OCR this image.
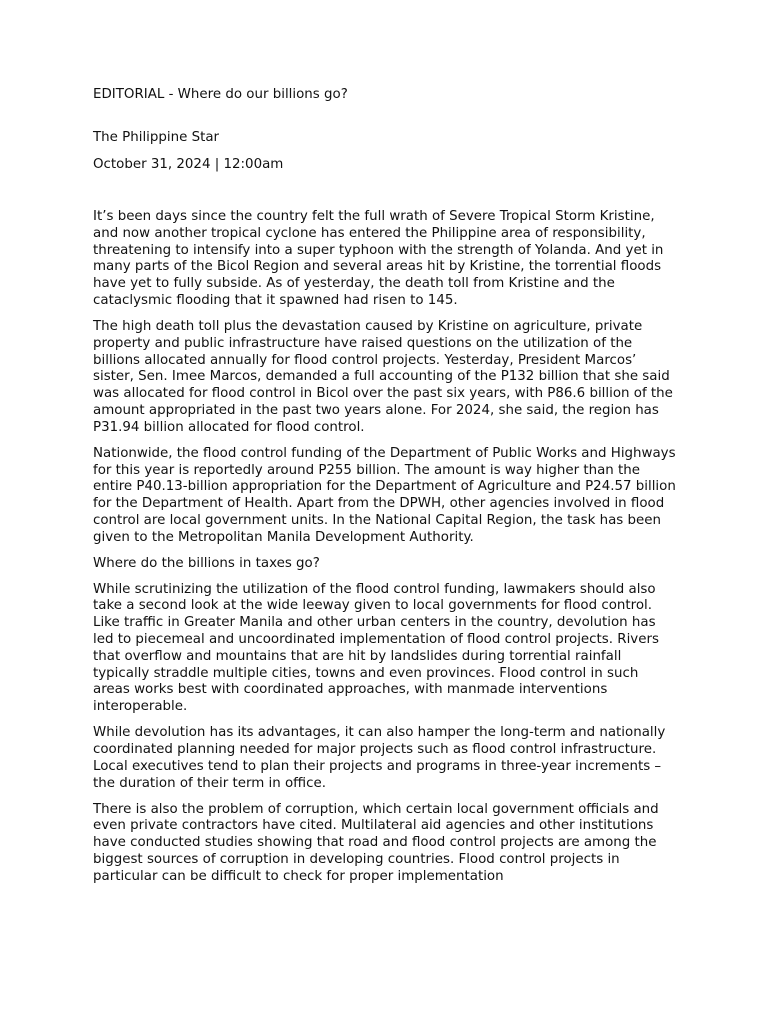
EDITORIAL - Where do our billions go?
The Philippine Star
October 31, 2024 | 12:00am

It’s been days since the country felt the full wrath of Severe Tropical Storm Kristine, and now another tropical cyclone has entered the Philippine area of responsibility, threatening to intensify into a super typhoon with the strength of Yolanda. And yet in many parts of the Bicol Region and several areas hit by Kristine, the torrential floods have yet to fully subside. As of yesterday, the death toll from Kristine and the cataclysmic flooding that it spawned had risen to 145.

The high death toll plus the devastation caused by Kristine on agriculture, private property and public infrastructure have raised questions on the utilization of the billions allocated annually for flood control projects. Yesterday, President Marcos’ sister, Sen. Imee Marcos, demanded a full accounting of the P132 billion that she said was allocated for flood control in Bicol over the past six years, with P86.6 billion of the amount appropriated in the past two years alone. For 2024, she said, the region has P31.94 billion allocated for flood control.

Nationwide, the flood control funding of the Department of Public Works and Highways for this year is reportedly around P255 billion. The amount is way higher than the entire P40.13-billion appropriation for the Department of Agriculture and P24.57 billion for the Department of Health. Apart from the DPWH, other agencies involved in flood control are local government units. In the National Capital Region, the task has been given to the Metropolitan Manila Development Authority.

Where do the billions in taxes go?

While scrutinizing the utilization of the flood control funding, lawmakers should also take a second look at the wide leeway given to local governments for flood control. Like traffic in Greater Manila and other urban centers in the country, devolution has led to piecemeal and uncoordinated implementation of flood control projects. Rivers that overflow and mountains that are hit by landslides during torrential rainfall typically straddle multiple cities, towns and even provinces. Flood control in such areas works best with coordinated approaches, with manmade interventions interoperable.

While devolution has its advantages, it can also hamper the long-term and nationally coordinated planning needed for major projects such as flood control infrastructure. Local executives tend to plan their projects and programs in three-year increments – the duration of their term in office.

There is also the problem of corruption, which certain local government officials and even private contractors have cited. Multilateral aid agencies and other institutions have conducted studies showing that road and flood control projects are among the biggest sources of corruption in developing countries. Flood control projects in particular can be difficult to check for proper implementation
